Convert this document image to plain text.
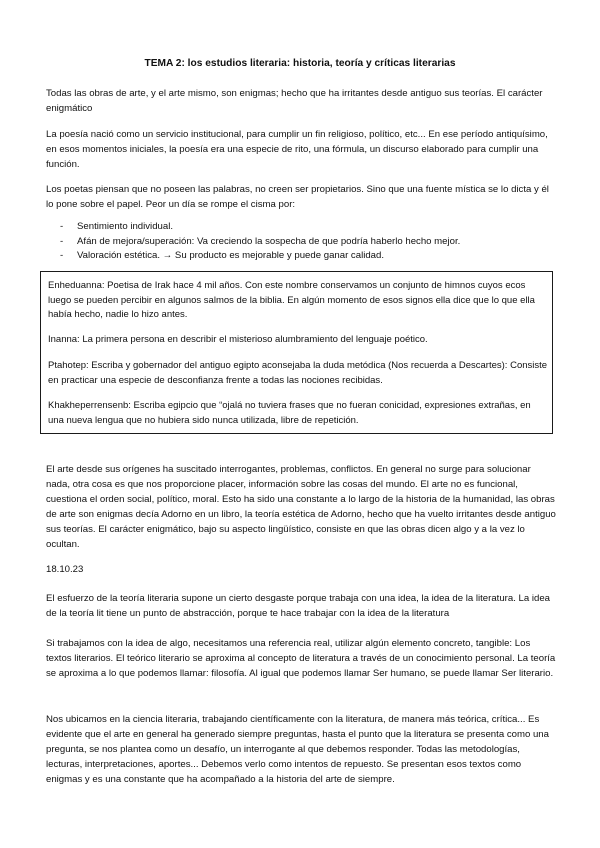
TEMA 2: los estudios literaria: historia, teoría y críticas literarias

Todas las obras de arte, y el arte mismo, son enigmas; hecho que ha irritantes desde antiguo sus teorías. El carácter enigmático

La poesía nació como un servicio institucional, para cumplir un fin religioso, político, etc... En ese período antiquísimo, en esos momentos iniciales, la poesía era una especie de rito, una fórmula, un discurso elaborado para cumplir una función.

Los poetas piensan que no poseen las palabras, no creen ser propietarios. Sino que una fuente mística se lo dicta y él lo pone sobre el papel. Peor un día se rompe el cisma por:

- Sentimiento individual.
- Afán de mejora/superación: Va creciendo la sospecha de que podría haberlo hecho mejor.
- Valoración estética. → Su producto es mejorable y puede ganar calidad.

Enheduanna: Poetisa de Irak hace 4 mil años. Con este nombre conservamos un conjunto de himnos cuyos ecos luego se pueden percibir en algunos salmos de la biblia. En algún momento de esos signos ella dice que lo que ella había hecho, nadie lo hizo antes.

Inanna: La primera persona en describir el misterioso alumbramiento del lenguaje poético.

Ptahotep: Escriba y gobernador del antiguo egipto aconsejaba la duda metódica (Nos recuerda a Descartes): Consiste en practicar una especie de desconfianza frente a todas las nociones recibidas.

Khakheperrensenb: Escriba egipcio que “ojalá no tuviera frases que no fueran conicidad, expresiones extrañas, en una nueva lengua que no hubiera sido nunca utilizada, libre de repetición.

El arte desde sus orígenes ha suscitado interrogantes, problemas, conflictos. En general no surge para solucionar nada, otra cosa es que nos proporcione placer, información sobre las cosas del mundo. El arte no es funcional, cuestiona el orden social, político, moral. Esto ha sido una constante a lo largo de la historia de la humanidad, las obras de arte son enigmas decía Adorno en un libro, la teoría estética de Adorno, hecho que ha vuelto irritantes desde antiguo sus teorías. El carácter enigmático, bajo su aspecto lingüístico, consiste en que las obras dicen algo y a la vez lo ocultan.

18.10.23

El esfuerzo de la teoría literaria supone un cierto desgaste porque trabaja con una idea, la idea de la literatura. La idea de la teoría lit tiene un punto de abstracción, porque te hace trabajar con la idea de la literatura

Si trabajamos con la idea de algo, necesitamos una referencia real, utilizar algún elemento concreto, tangible: Los textos literarios. El teórico literario se aproxima al concepto de literatura a través de un conocimiento personal. La teoría se aproxima a lo que podemos llamar: filosofía. Al igual que podemos llamar Ser humano, se puede llamar Ser literario.

Nos ubicamos en la ciencia literaria, trabajando científicamente con la literatura, de manera más teórica, crítica... Es evidente que el arte en general ha generado siempre preguntas, hasta el punto que la literatura se presenta como una pregunta, se nos plantea como un desafío, un interrogante al que debemos responder. Todas las metodologías, lecturas, interpretaciones, aportes... Debemos verlo como intentos de repuesto. Se presentan esos textos como enigmas y es una constante que ha acompañado a la historia del arte de siempre.
